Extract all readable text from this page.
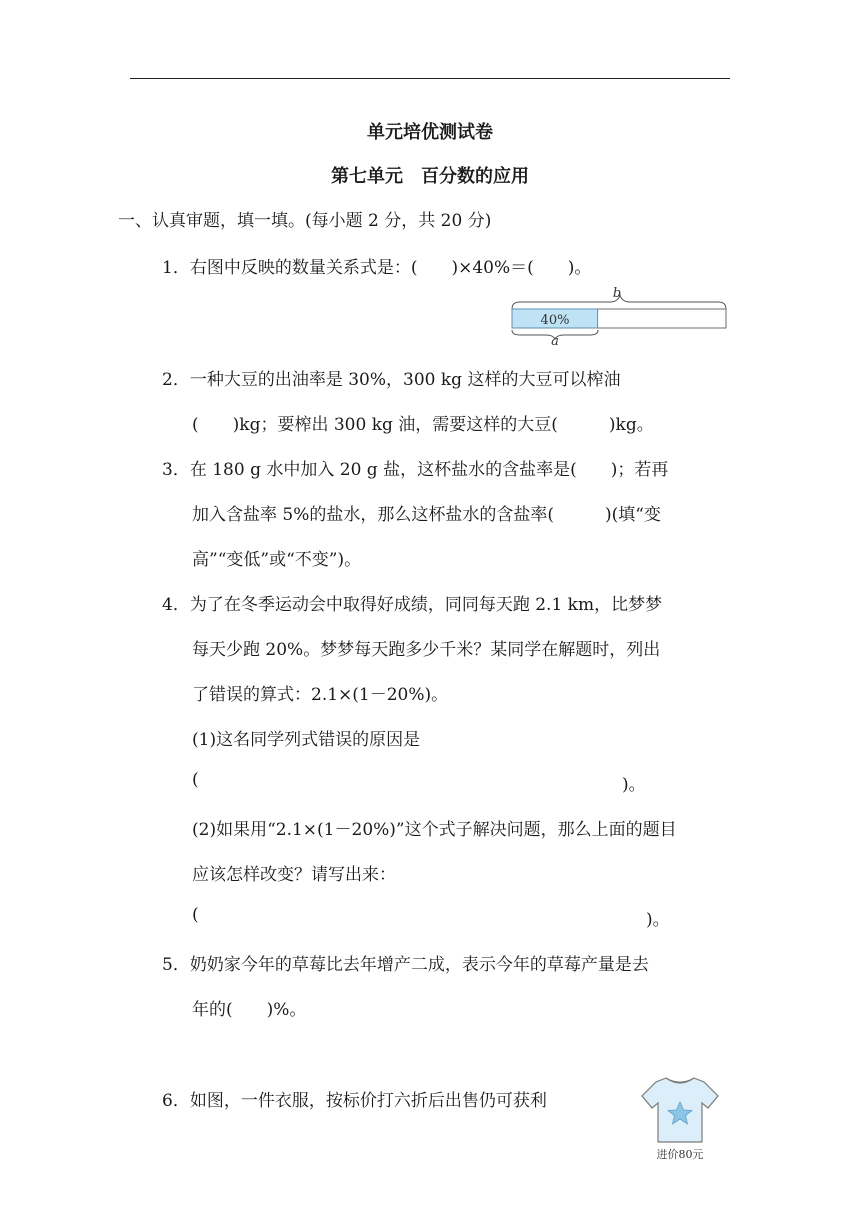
单元培优测试卷
第七单元　百分数的应用
一、认真审题，填一填。(每小题 2 分，共 20 分)
1．右图中反映的数量关系式是：(　　)×40%＝(　　)。
b
40%
a
2．一种大豆的出油率是 30%，300 kg 这样的大豆可以榨油
(　　)kg；要榨出 300 kg 油，需要这样的大豆(　　　)kg。
3．在 180 g 水中加入 20 g 盐，这杯盐水的含盐率是(　　)；若再
加入含盐率 5%的盐水，那么这杯盐水的含盐率(　　　)(填“变
高”“变低”或“不变”)。
4．为了在冬季运动会中取得好成绩，同同每天跑 2.1 km，比梦梦
每天少跑 20%。梦梦每天跑多少千米？某同学在解题时，列出
了错误的算式：2.1×(1－20%)。
(1)这名同学列式错误的原因是
(	)。
(2)如果用“2.1×(1－20%)”这个式子解决问题，那么上面的题目
应该怎样改变？请写出来：
(	)。
5．奶奶家今年的草莓比去年增产二成，表示今年的草莓产量是去
年的(　　)%。
6．如图，一件衣服，按标价打六折后出售仍可获利
进价80元
